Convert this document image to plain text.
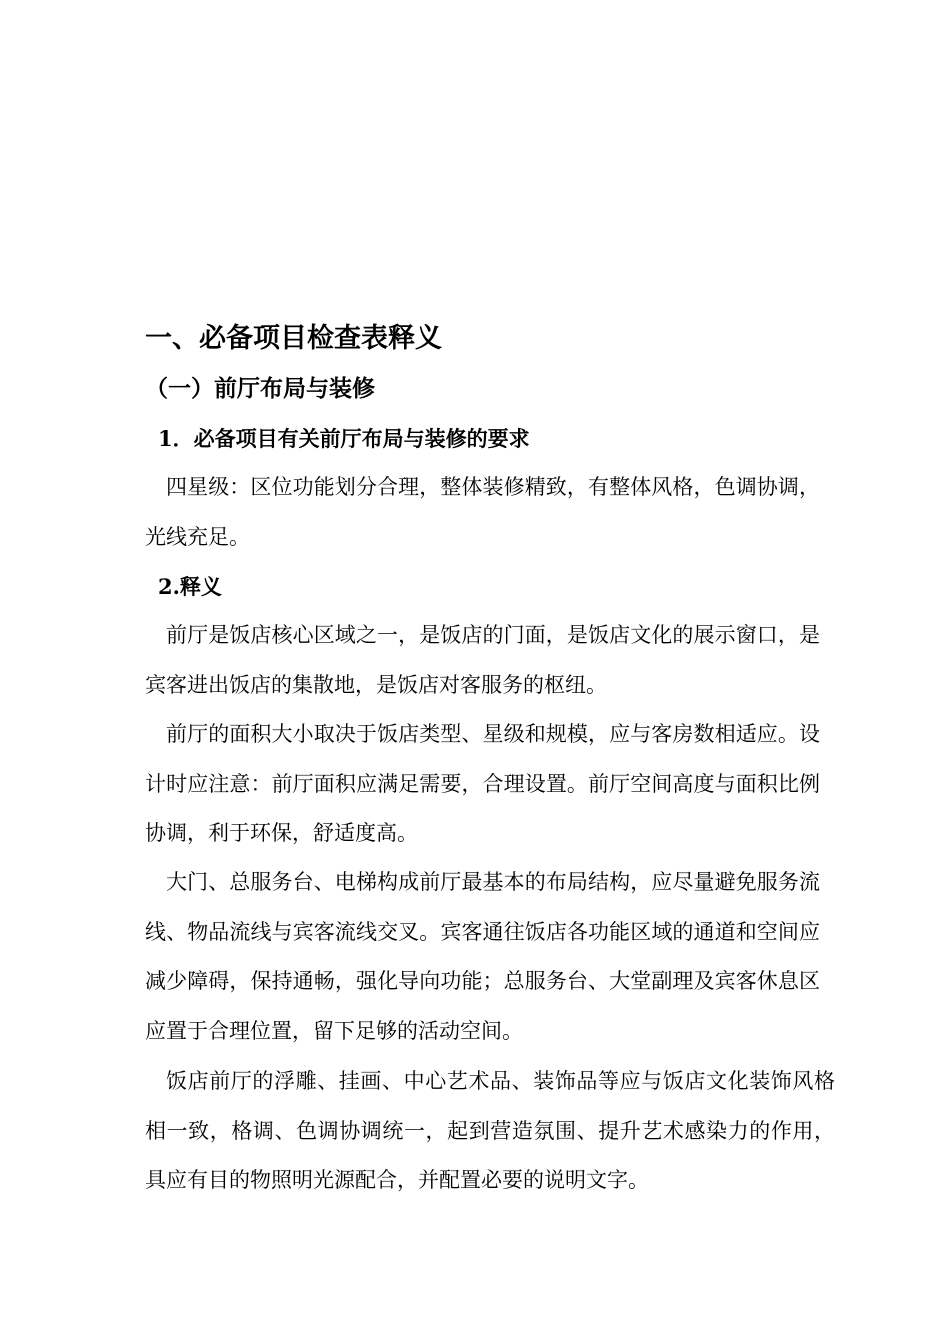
一、必备项目检查表释义
（一）前厅布局与装修
1．必备项目有关前厅布局与装修的要求
四星级：区位功能划分合理，整体装修精致，有整体风格，色调协调，光线充足。
2.释义
前厅是饭店核心区域之一，是饭店的门面，是饭店文化的展示窗口，是宾客进出饭店的集散地，是饭店对客服务的枢纽。
前厅的面积大小取决于饭店类型、星级和规模，应与客房数相适应。设计时应注意：前厅面积应满足需要，合理设置。前厅空间高度与面积比例协调，利于环保，舒适度高。
大门、总服务台、电梯构成前厅最基本的布局结构，应尽量避免服务流线、物品流线与宾客流线交叉。宾客通往饭店各功能区域的通道和空间应减少障碍，保持通畅，强化导向功能；总服务台、大堂副理及宾客休息区应置于合理位置，留下足够的活动空间。
饭店前厅的浮雕、挂画、中心艺术品、装饰品等应与饭店文化装饰风格相一致，格调、色调协调统一，起到营造氛围、提升艺术感染力的作用，具应有目的物照明光源配合，并配置必要的说明文字。
